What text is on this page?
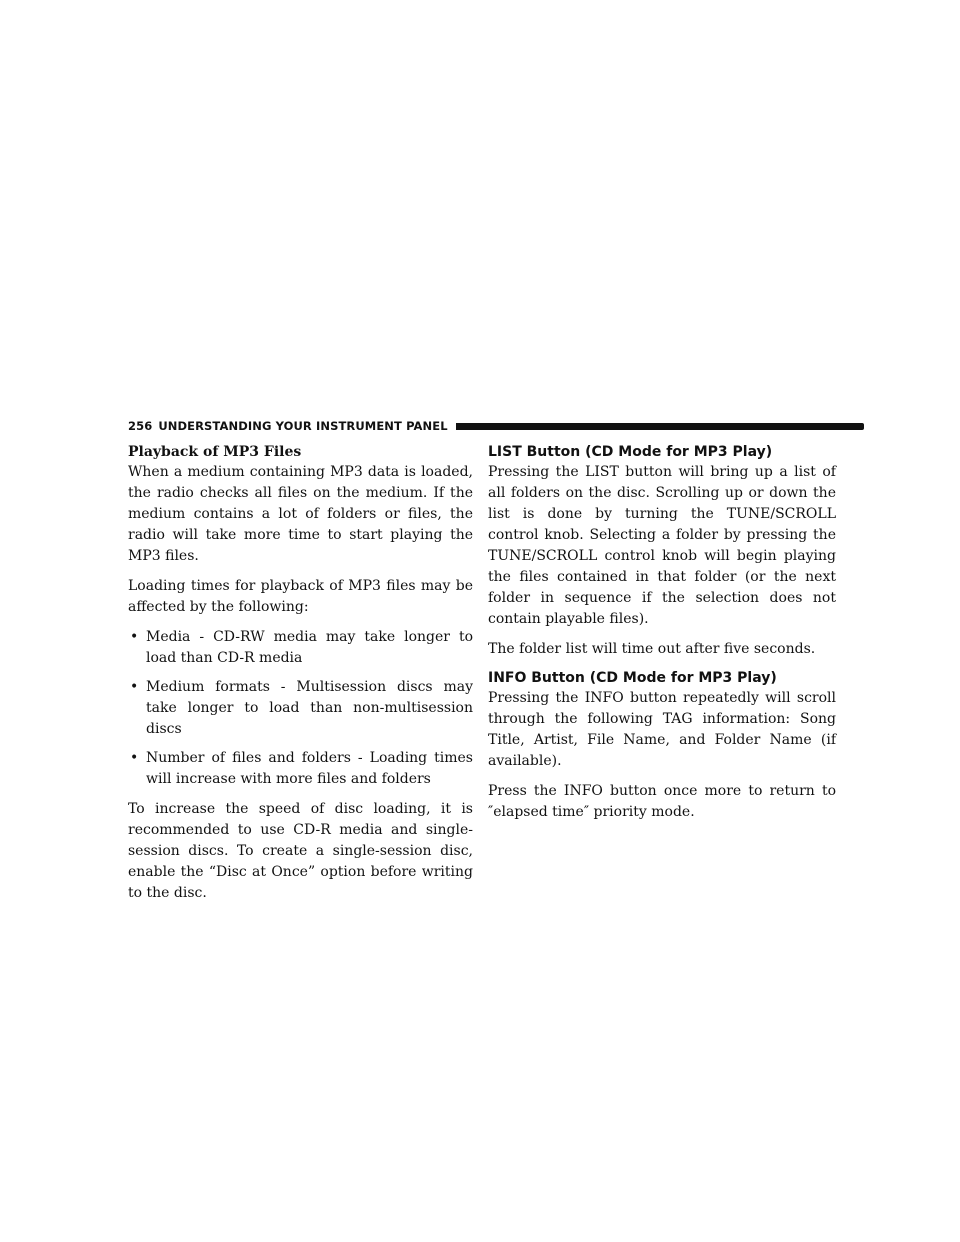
256 UNDERSTANDING YOUR INSTRUMENT PANEL
Playback of MP3 Files

When a medium containing MP3 data is loaded, the radio checks all files on the medium. If the medium contains a lot of folders or files, the radio will take more time to start playing the MP3 files.

Loading times for playback of MP3 files may be affected by the following:

• Media - CD-RW media may take longer to load than CD-R media
• Medium formats - Multisession discs may take longer to load than non-multisession discs
• Number of files and folders - Loading times will increase with more files and folders

To increase the speed of disc loading, it is recommended to use CD-R media and single-session discs. To create a single-session disc, enable the “Disc at Once” option before writing to the disc.

LIST Button (CD Mode for MP3 Play)

Pressing the LIST button will bring up a list of all folders on the disc. Scrolling up or down the list is done by turning the TUNE/SCROLL control knob. Selecting a folder by pressing the TUNE/SCROLL control knob will begin playing the files contained in that folder (or the next folder in sequence if the selection does not contain playable files).

The folder list will time out after five seconds.

INFO Button (CD Mode for MP3 Play)

Pressing the INFO button repeatedly will scroll through the following TAG information: Song Title, Artist, File Name, and Folder Name (if available).

Press the INFO button once more to return to ″elapsed time″ priority mode.
